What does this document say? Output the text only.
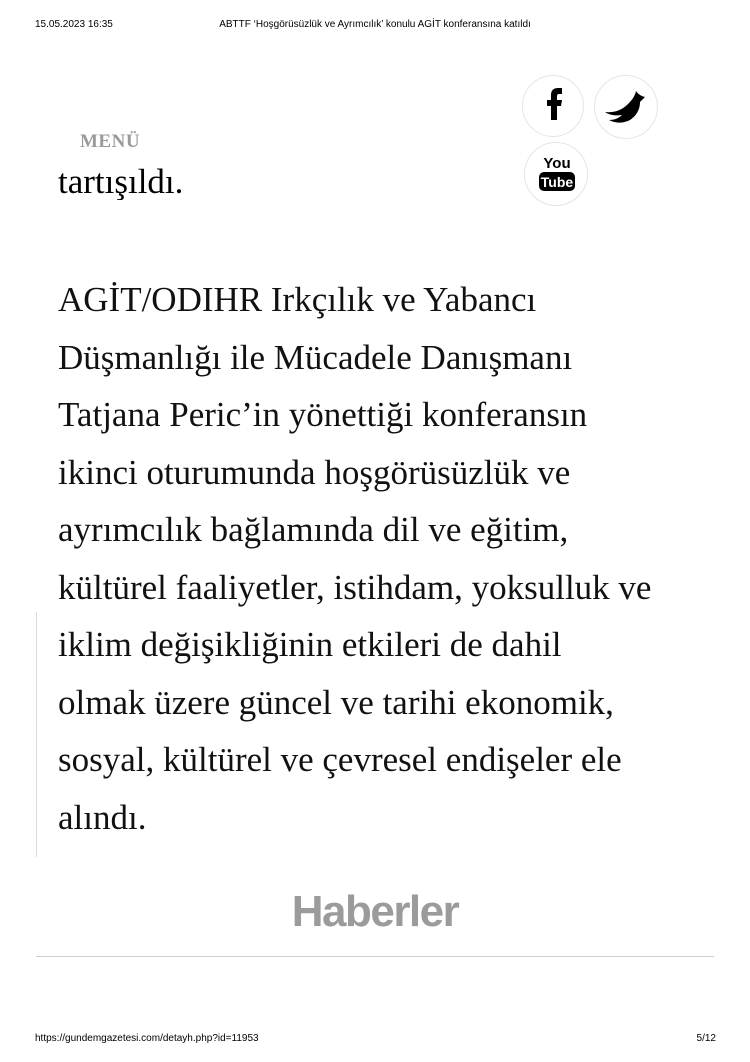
15.05.2023 16:35	ABTTF ‘Hoşgörüsüzlük ve Ayrımcılık’ konulu AGİT konferansına katıldı
You
Tube
MENÜ
tartışıldı.

AGİT/ODIHR Irkçılık ve Yabancı
Düşmanlığı ile Mücadele Danışmanı
Tatjana Peric’in yönettiği konferansın
ikinci oturumunda hoşgörüsüzlük ve
ayrımcılık bağlamında dil ve eğitim,
kültürel faaliyetler, istihdam, yoksulluk ve
iklim değişikliğinin etkileri de dahil
olmak üzere güncel ve tarihi ekonomik,
sosyal, kültürel ve çevresel endişeler ele
alındı.

Haberler
https://gundemgazetesi.com/detayh.php?id=11953	5/12
